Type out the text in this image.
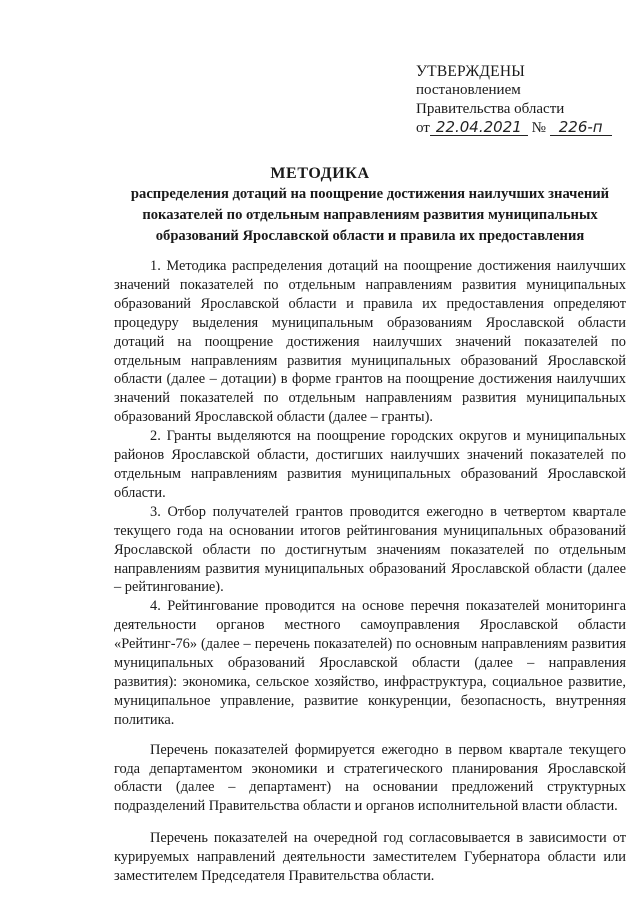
УТВЕРЖДЕНЫ
постановлением
Правительства области
от 22.04.2021 № 226-п
МЕТОДИКА
распределения дотаций на поощрение достижения наилучших значений показателей по отдельным направлениям развития муниципальных образований Ярославской области и правила их предоставления

1. Методика распределения дотаций на поощрение достижения наилучших значений показателей по отдельным направлениям развития муниципальных образований Ярославской области и правила их предоставления определяют процедуру выделения муниципальным образованиям Ярославской области дотаций на поощрение достижения наилучших значений показателей по отдельным направлениям развития муниципальных образований Ярославской области (далее – дотации) в форме грантов на поощрение достижения наилучших значений показателей по отдельным направлениям развития муниципальных образований Ярославской области (далее – гранты).

2. Гранты выделяются на поощрение городских округов и муниципальных районов Ярославской области, достигших наилучших значений показателей по отдельным направлениям развития муниципальных образований Ярославской области.

3. Отбор получателей грантов проводится ежегодно в четвертом квартале текущего года на основании итогов рейтингования муниципальных образований Ярославской области по достигнутым значениям показателей по отдельным направлениям развития муниципальных образований Ярославской области (далее – рейтингование).

4. Рейтингование проводится на основе перечня показателей мониторинга деятельности органов местного самоуправления Ярославской области «Рейтинг-76» (далее – перечень показателей) по основным направлениям развития муниципальных образований Ярославской области (далее – направления развития): экономика, сельское хозяйство, инфраструктура, социальное развитие, муниципальное управление, развитие конкуренции, безопасность, внутренняя политика.

Перечень показателей формируется ежегодно в первом квартале текущего года департаментом экономики и стратегического планирования Ярославской области (далее – департамент) на основании предложений структурных подразделений Правительства области и органов исполнительной власти области.

Перечень показателей на очередной год согласовывается в зависимости от курируемых направлений деятельности заместителем Губернатора области или заместителем Председателя Правительства области.
